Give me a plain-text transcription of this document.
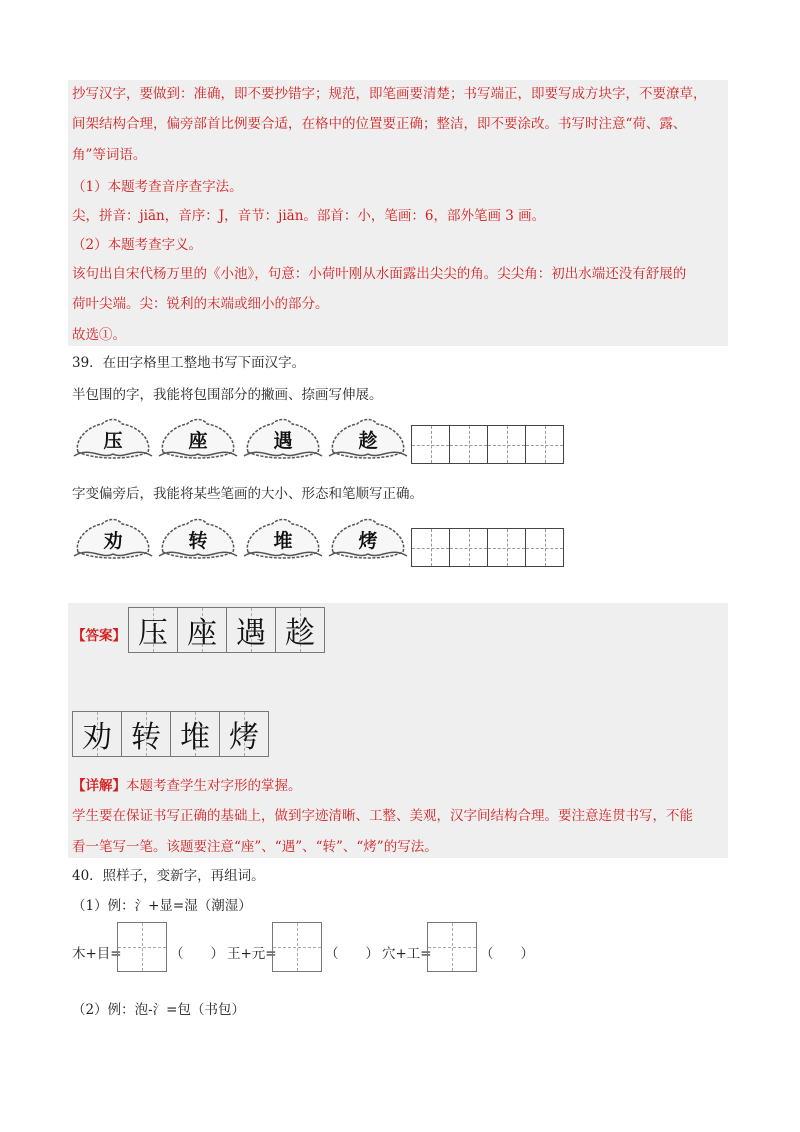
抄写汉字，要做到：准确，即不要抄错字；规范，即笔画要清楚；书写端正，即要写成方块字，不要潦草，
间架结构合理，偏旁部首比例要合适，在格中的位置要正确；整洁，即不要涂改。书写时注意“荷、露、
角”等词语。
（1）本题考查音序查字法。
尖，拼音：jiān，音序：J，音节：jiān。部首：小，笔画：6，部外笔画 3 画。
（2）本题考查字义。
该句出自宋代杨万里的《小池》，句意：小荷叶刚从水面露出尖尖的角。尖尖角：初出水端还没有舒展的
荷叶尖端。尖：锐利的末端或细小的部分。
故选①。
39．在田字格里工整地书写下面汉字。
半包围的字，我能将包围部分的撇画、捺画写伸展。
压	座	遇	趁
字变偏旁后，我能将某些笔画的大小、形态和笔顺写正确。
劝	转	堆	烤
【答案】 压 座 遇 趁
劝 转 堆 烤
【详解】本题考查学生对字形的掌握。
学生要在保证书写正确的基础上，做到字迹清晰、工整、美观，汉字间结构合理。要注意连贯书写，不能
看一笔写一笔。该题要注意“座”、“遇”、“转”、“烤”的写法。
40．照样子，变新字，再组词。
（1）例：氵+显=湿（潮湿）
木+目=	（　　） 王+元=	（　　） 穴+工=	（　　）
（2）例：泡-氵=包（书包）
